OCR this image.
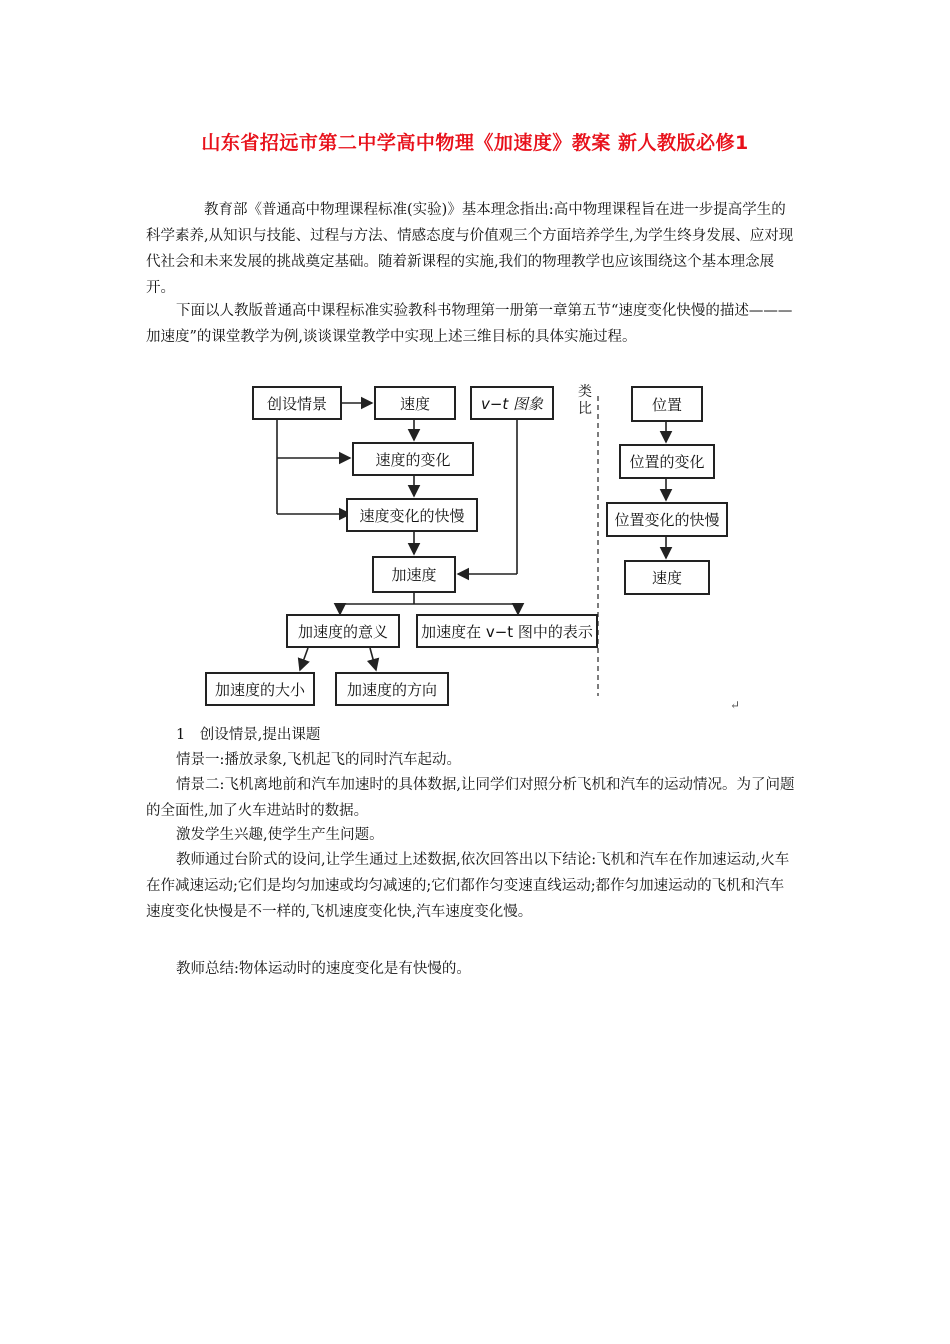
山东省招远市第二中学高中物理《加速度》教案 新人教版必修1

教育部《普通高中物理课程标准(实验)》基本理念指出:高中物理课程旨在进一步提高学生的科学素养,从知识与技能、过程与方法、情感态度与价值观三个方面培养学生,为学生终身发展、应对现代社会和未来发展的挑战奠定基础。随着新课程的实施,我们的物理教学也应该围绕这个基本理念展开。

下面以人教版普通高中课程标准实验教科书物理第一册第一章第五节“速度变化快慢的描述———加速度”的课堂教学为例,谈谈课堂教学中实现上述三维目标的具体实施过程。

创设情景	速度	v−t 图象
速度的变化
速度变化的快慢
加速度
加速度的意义	加速度在 v−t 图中的表示
加速度的大小	加速度的方向
类比	位置
位置的变化
位置变化的快慢
速度
↵
1　创设情景,提出课题
情景一:播放录象,飞机起飞的同时汽车起动。

情景二:飞机离地前和汽车加速时的具体数据,让同学们对照分析飞机和汽车的运动情况。为了问题的全面性,加了火车进站时的数据。

激发学生兴趣,使学生产生问题。

教师通过台阶式的设问,让学生通过上述数据,依次回答出以下结论:飞机和汽车在作加速运动,火车在作减速运动;它们是均匀加速或均匀减速的;它们都作匀变速直线运动;都作匀加速运动的飞机和汽车速度变化快慢是不一样的,飞机速度变化快,汽车速度变化慢。

教师总结:物体运动时的速度变化是有快慢的。
